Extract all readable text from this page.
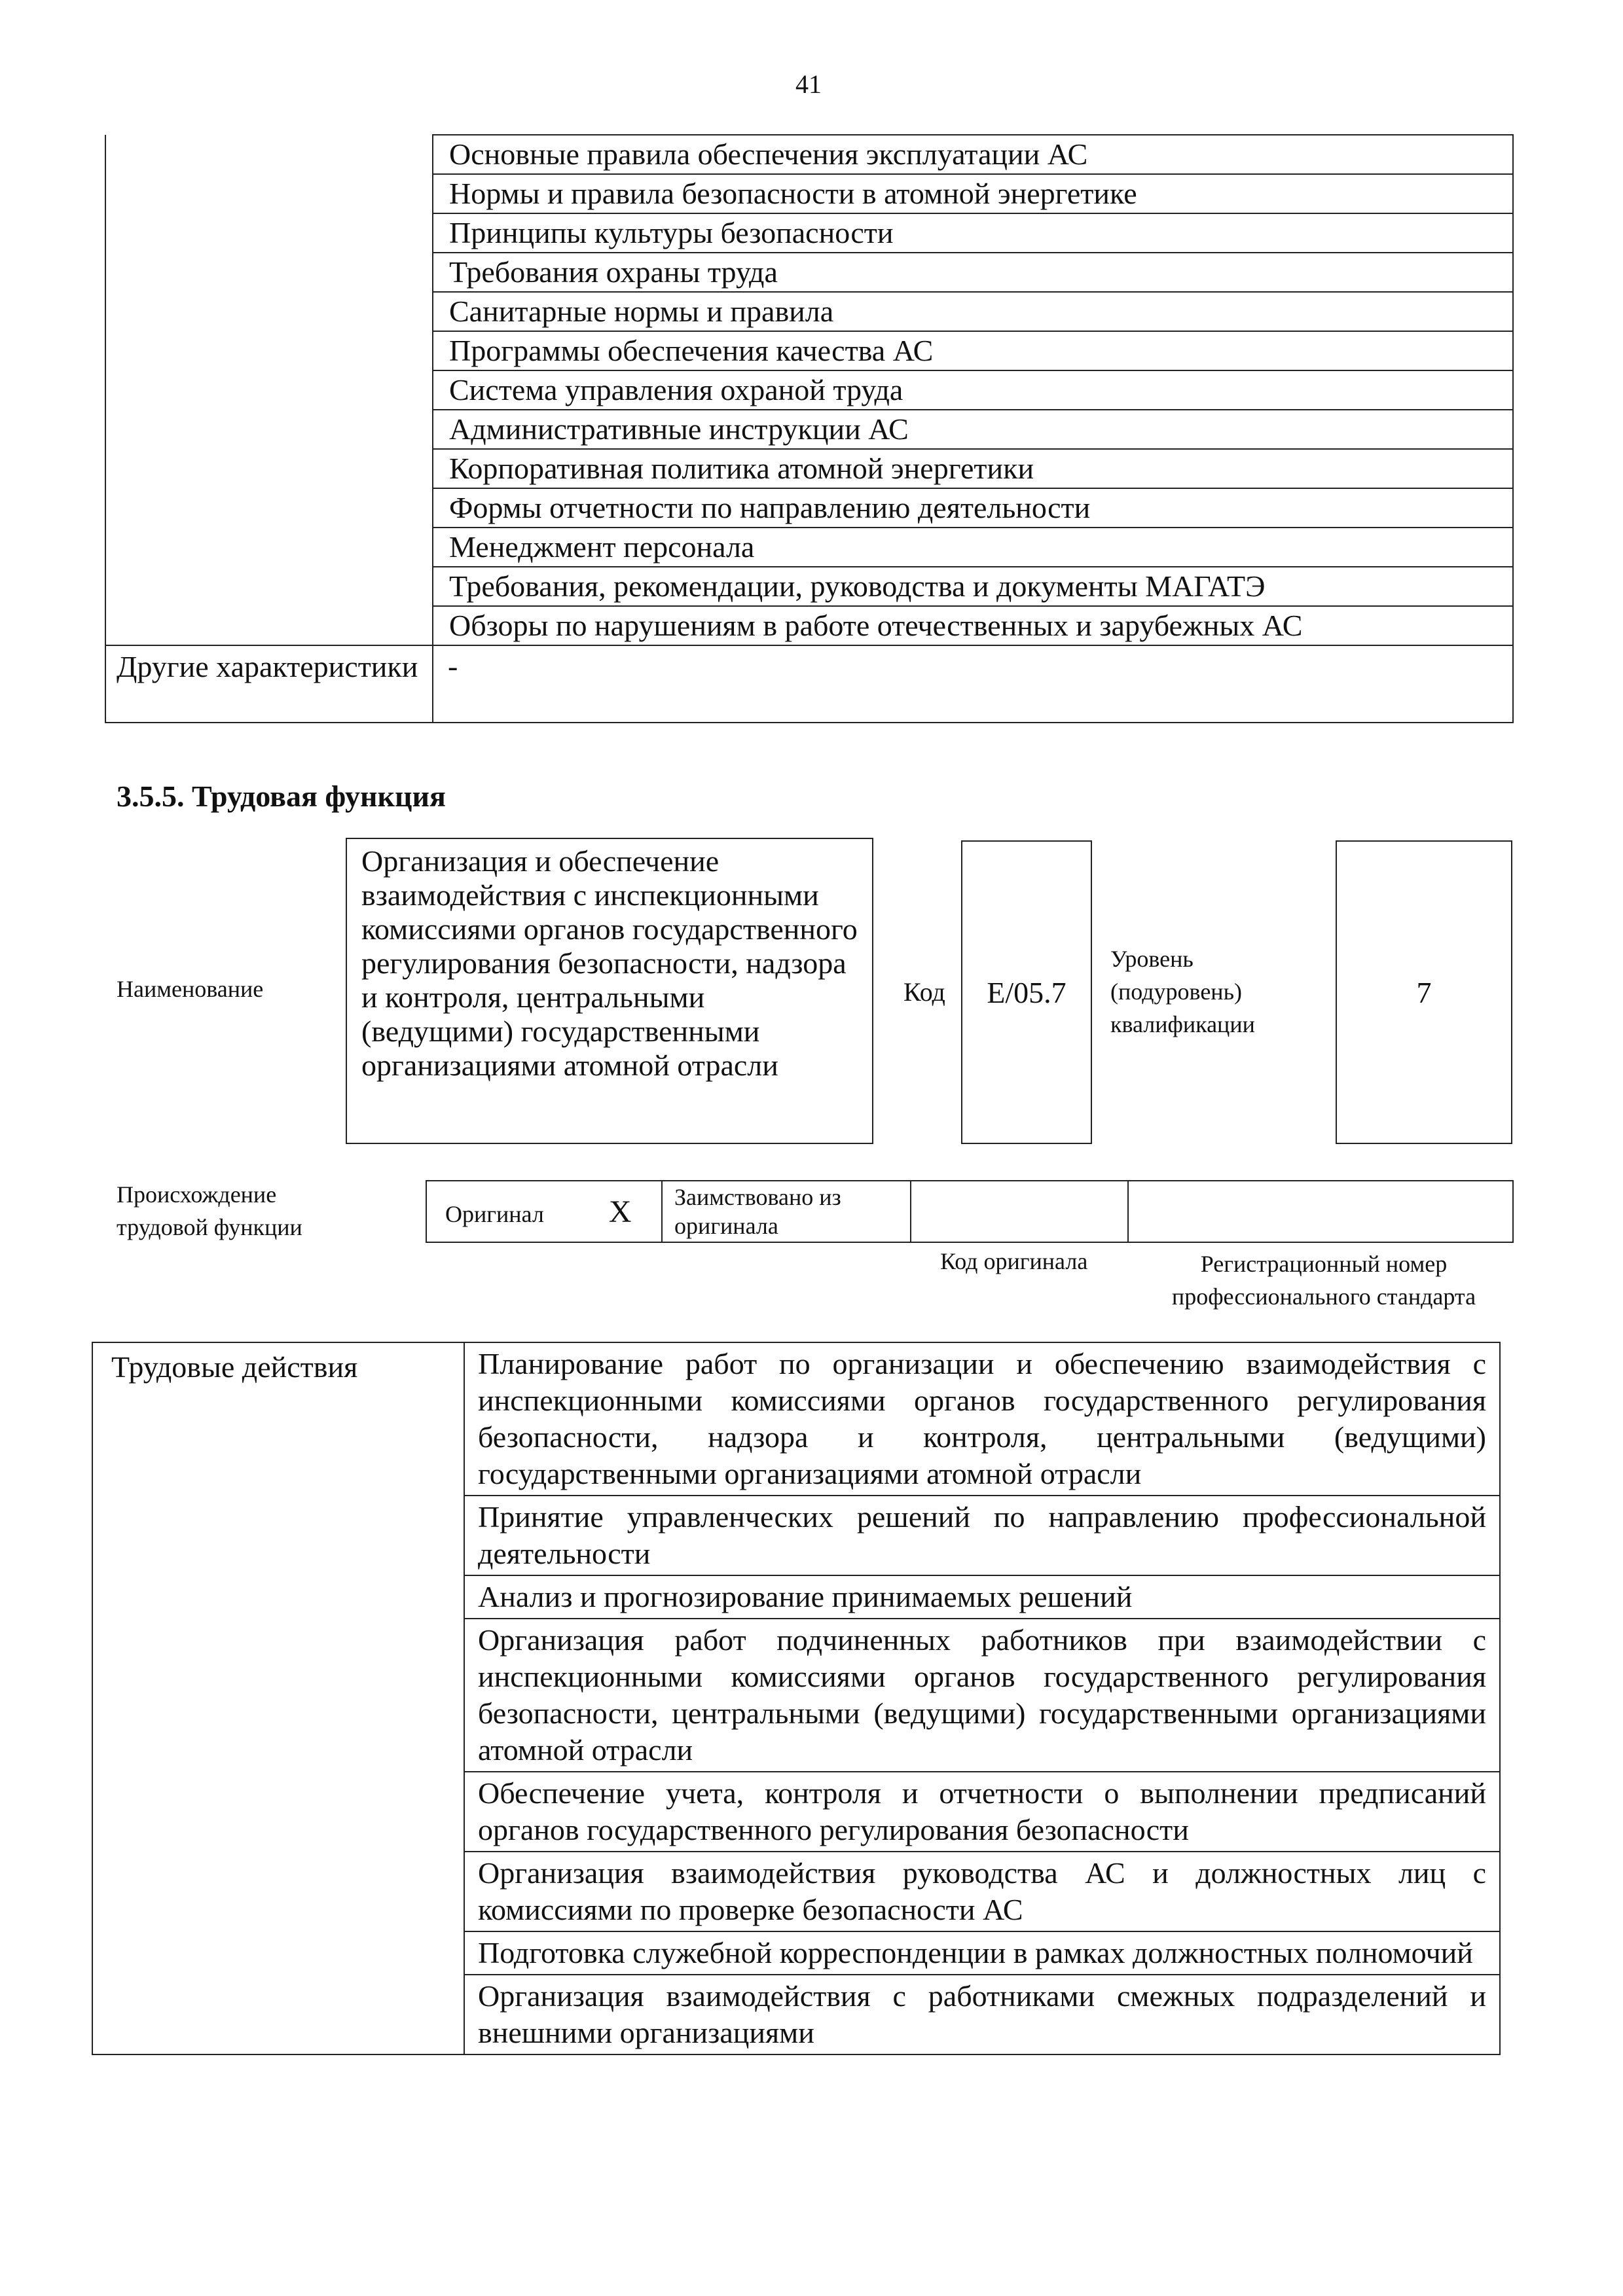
41
	Основные правила обеспечения эксплуатации АС
	Нормы и правила безопасности в атомной энергетике
	Принципы культуры безопасности
	Требования охраны труда
	Санитарные нормы и правила
	Программы обеспечения качества АС
	Система управления охраной труда
	Административные инструкции АС
	Корпоративная политика атомной энергетики
	Формы отчетности по направлению деятельности
	Менеджмент персонала
	Требования, рекомендации, руководства и документы МАГАТЭ
	Обзоры по нарушениям в работе отечественных и зарубежных АС
Другие характеристики	-
3.5.5. Трудовая функция
Наименование
Организация и обеспечение взаимодействия с инспекционными комиссиями органов государственного регулирования безопасности, надзора и контроля, центральными (ведущими) государственными организациями атомной отрасли
Код	E/05.7
Уровень (подуровень) квалификации
7
Происхождение трудовой функции
Оригинал X	Заимствовано из оригинала		
Код оригинала	Регистрационный номер профессионального стандарта
Трудовые действия	Планирование работ по организации и обеспечению взаимодействия с инспекционными комиссиями органов государственного регулирования безопасности, надзора и контроля, центральными (ведущими) государственными организациями атомной отрасли
Принятие управленческих решений по направлению профессиональной деятельности
Анализ и прогнозирование принимаемых решений
Организация работ подчиненных работников при взаимодействии с инспекционными комиссиями органов государственного регулирования безопасности, центральными (ведущими) государственными организациями атомной отрасли
Обеспечение учета, контроля и отчетности о выполнении предписаний органов государственного регулирования безопасности
Организация взаимодействия руководства АС и должностных лиц с комиссиями по проверке безопасности АС
Подготовка служебной корреспонденции в рамках должностных полномочий
Организация взаимодействия с работниками смежных подразделений и внешними организациями
